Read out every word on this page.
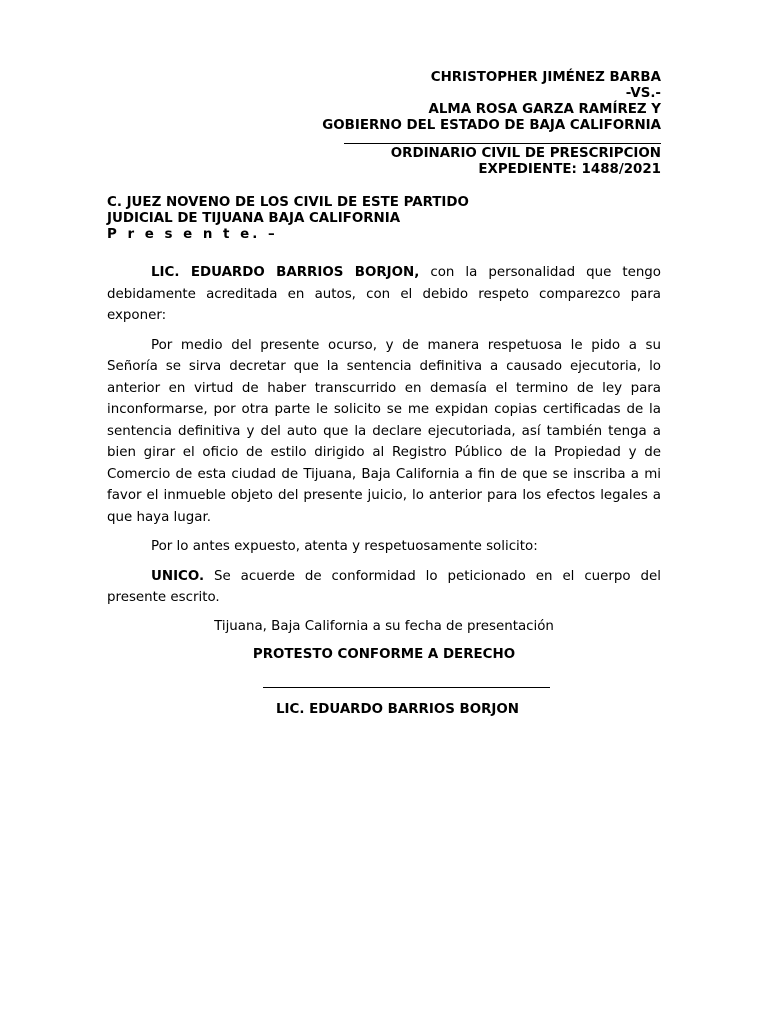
CHRISTOPHER JIMÉNEZ BARBA
-VS.-
ALMA ROSA GARZA RAMÍREZ Y
GOBIERNO DEL ESTADO DE BAJA CALIFORNIA
ORDINARIO CIVIL DE PRESCRIPCION
EXPEDIENTE: 1488/2021
C. JUEZ NOVENO DE LOS CIVIL DE ESTE PARTIDO
JUDICIAL DE TIJUANA BAJA CALIFORNIA
P r e s e n t e. –

LIC. EDUARDO BARRIOS BORJON, con la personalidad que tengo debidamente acreditada en autos, con el debido respeto comparezco para exponer:

Por medio del presente ocurso, y de manera respetuosa le pido a su Señoría se sirva decretar que la sentencia definitiva a causado ejecutoria, lo anterior en virtud de haber transcurrido en demasía el termino de ley para inconformarse, por otra parte le solicito se me expidan copias certificadas de la sentencia definitiva y del auto que la declare ejecutoriada, así también tenga a bien girar el oficio de estilo dirigido al Registro Público de la Propiedad y de Comercio de esta ciudad de Tijuana, Baja California a fin de que se inscriba a mi favor el inmueble objeto del presente juicio, lo anterior para los efectos legales a que haya lugar.

Por lo antes expuesto, atenta y respetuosamente solicito:

UNICO. Se acuerde de conformidad lo peticionado en el cuerpo del presente escrito.

Tijuana, Baja California a su fecha de presentación
PROTESTO CONFORME A DERECHO
LIC. EDUARDO BARRIOS BORJON
